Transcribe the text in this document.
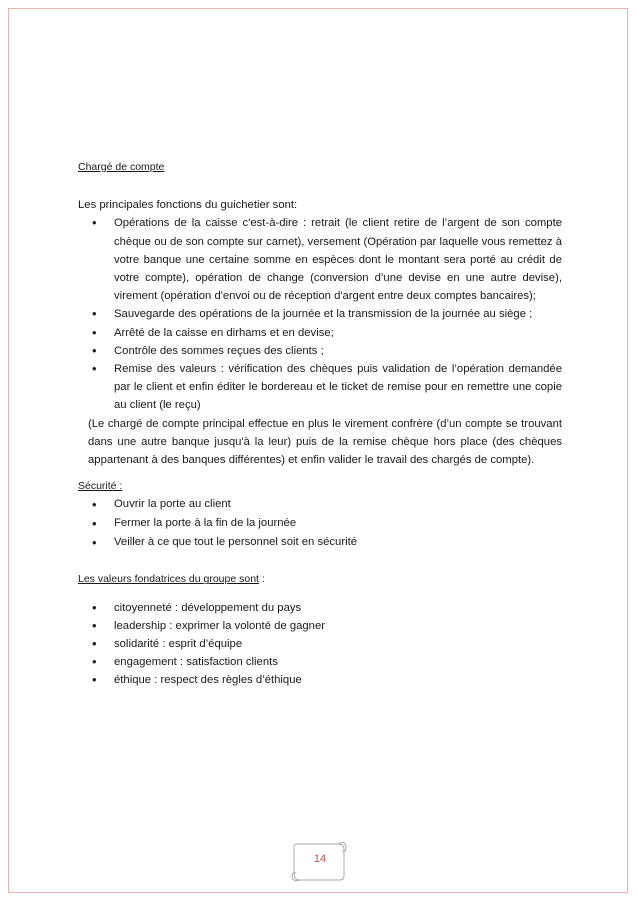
Chargé de compte

Les principales fonctions du guichetier sont:

• Opérations de la caisse c'est-à-dire : retrait (le client retire de l’argent de son compte chèque ou de son compte sur carnet), versement (Opération par laquelle vous remettez à votre banque une certaine somme en espèces dont le montant sera porté au crédit de votre compte), opération de change (conversion d’une devise en une autre devise), virement (opération d'envoi ou de réception d'argent entre deux comptes bancaires);
• Sauvegarde des opérations de la journée et la transmission de la journée au siège ;
• Arrêté de la caisse en dirhams et en devise;
• Contrôle des sommes reçues des clients ;
• Remise des valeurs : vérification des chèques puis validation de l’opération demandée par le client et enfin éditer le bordereau et le ticket de remise pour en remettre une copie au client (le reçu)

(Le chargé de compte principal effectue en plus le virement confrère (d’un compte se trouvant dans une autre banque jusqu'à la leur) puis de la remise chèque hors place (des chèques appartenant à des banques différentes) et enfin valider le travail des chargés de compte).

Sécurité :
• Ouvrir la porte au client
• Fermer la porte à la fin de la journée
• Veiller à ce que tout le personnel soit en sécurité
Les valeurs fondatrices du groupe sont :
• citoyenneté : développement du pays
• leadership : exprimer la volonté de gagner
• solidarité : esprit d’équipe
• engagement : satisfaction clients
• éthique : respect des règles d’éthique
14
